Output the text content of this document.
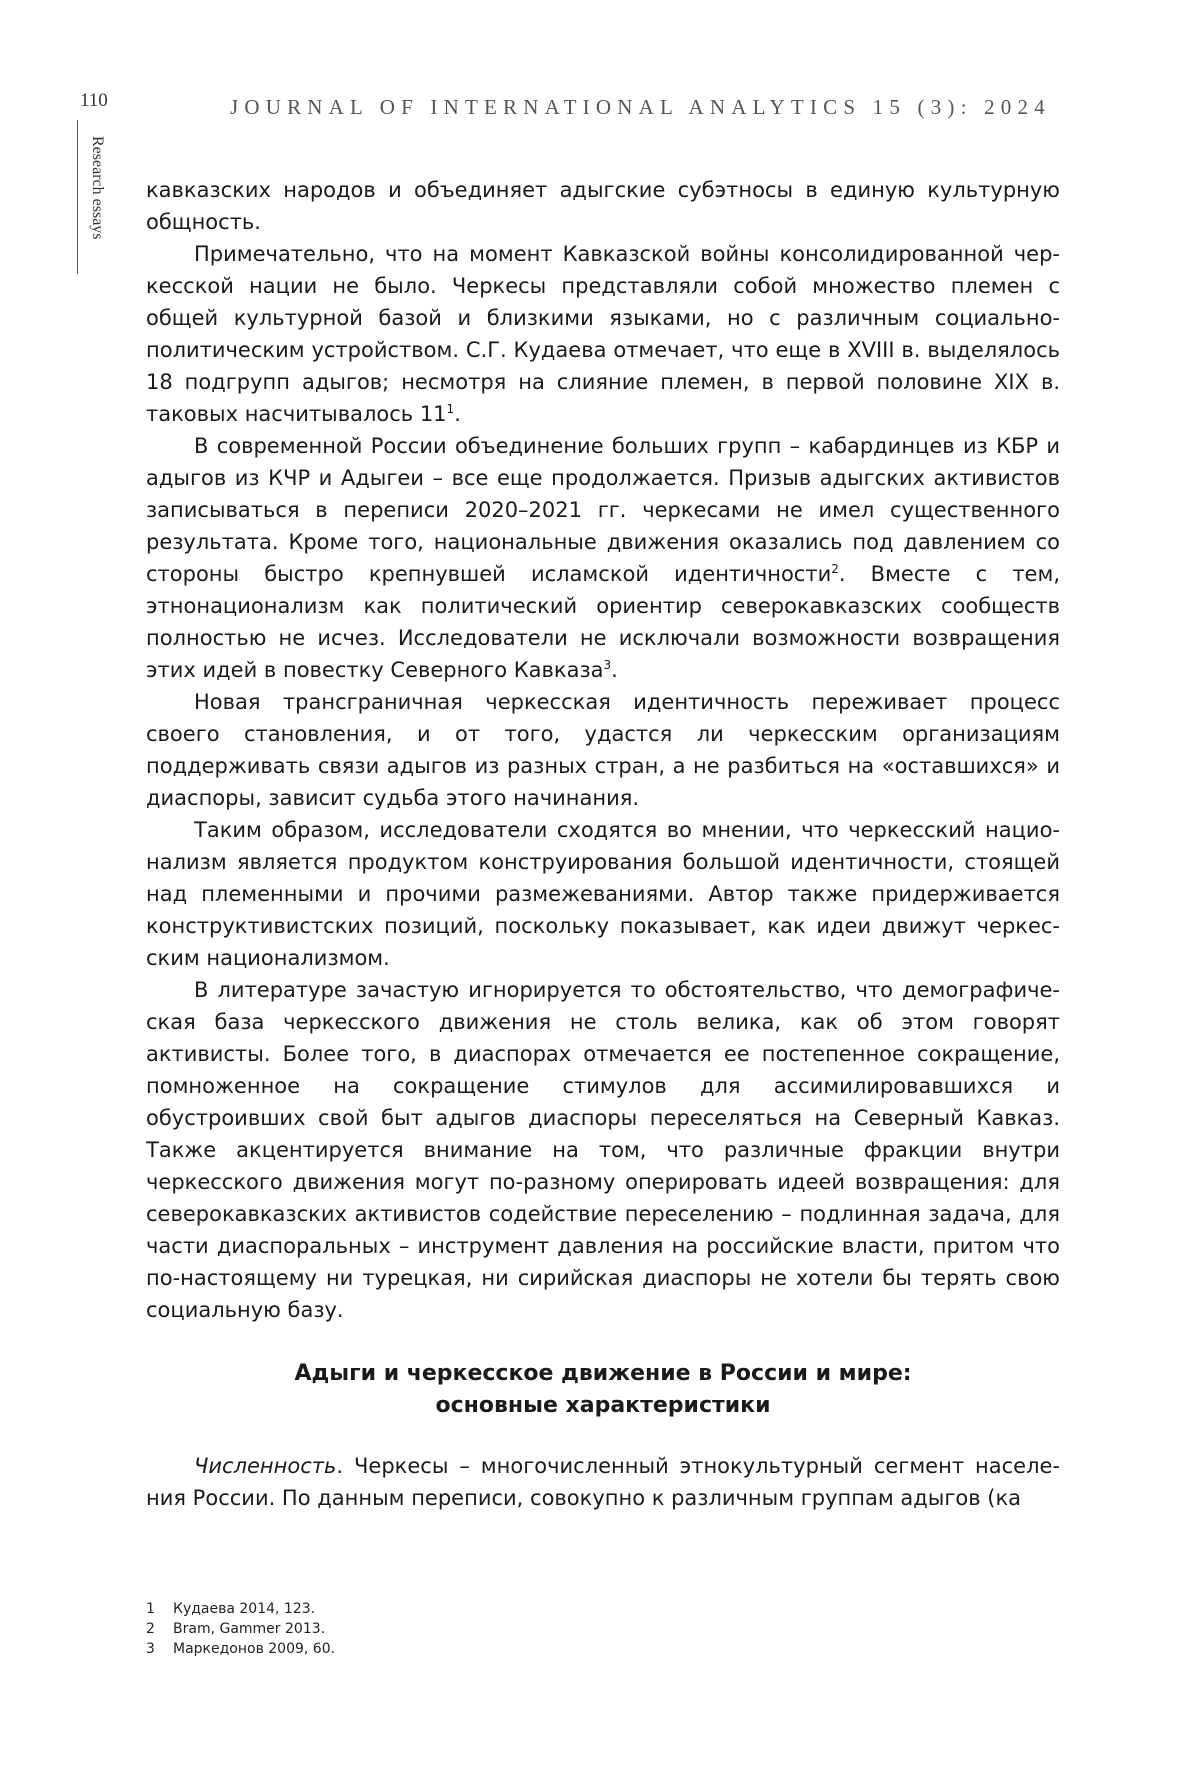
110	JOURNAL OF INTERNATIONAL ANALYTICS 15 (3): 2024
Research essays кавказских народов и объединяет адыгские субэтносы в единую культурную общность.

Примечательно, что на момент Кавказской войны консолидированной черкесской нации не было. Черкесы представляли собой множество племен с общей культурной базой и близкими языками, но с различным социально-политическим устройством. С.Г. Кудаева отмечает, что еще в XVIII в. выделялось 18 подгрупп адыгов; несмотря на слияние племен, в первой половине XIX в. таковых насчитывалось $11^1$.

В современной России объединение больших групп – кабардинцев из КБР и адыгов из КЧР и Адыгеи – все еще продолжается. Призыв адыгских активистов записываться в переписи 2020–2021 гг. черкесами не имел существенного результата. Кроме того, национальные движения оказались под давлением со стороны быстро крепнувшей исламской идентичности$^2$. Вместе с тем, этнонационализм как политический ориентир северокавказских сообществ полностью не исчез. Исследователи не исключали возможности возвращения этих идей в повестку Северного Кавказа$^3$.

Новая трансграничная черкесская идентичность переживает процесс своего становления, и от того, удастся ли черкесским организациям поддерживать связи адыгов из разных стран, а не разбиться на «оставшихся» и диаспоры, зависит судьба этого начинания.

Таким образом, исследователи сходятся во мнении, что черкесский национализм является продуктом конструирования большой идентичности, стоящей над племенными и прочими размежеваниями. Автор также придерживается конструктивистских позиций, поскольку показывает, как идеи движут черкесским национализмом.

В литературе зачастую игнорируется то обстоятельство, что демографическая база черкесского движения не столь велика, как об этом говорят активисты. Более того, в диаспорах отмечается ее постепенное сокращение, помноженное на сокращение стимулов для ассимилировавшихся и обустроивших свой быт адыгов диаспоры переселяться на Северный Кавказ. Также акцентируется внимание на том, что различные фракции внутри черкесского движения могут по-разному оперировать идеей возвращения: для северокавказских активистов содействие переселению – подлинная задача, для части диаспоральных – инструмент давления на российские власти, притом что по-настоящему ни турецкая, ни сирийская диаспоры не хотели бы терять свою социальную базу.

Адыги и черкесское движение в России и мире:
основные характеристики

Численность. Черкесы – многочисленный этнокультурный сегмент населения России. По данным переписи, совокупно к различным группам адыгов (ка

1 Кудаева 2014, 123.
2 Bram, Gammer 2013.
3 Маркедонов 2009, 60.
